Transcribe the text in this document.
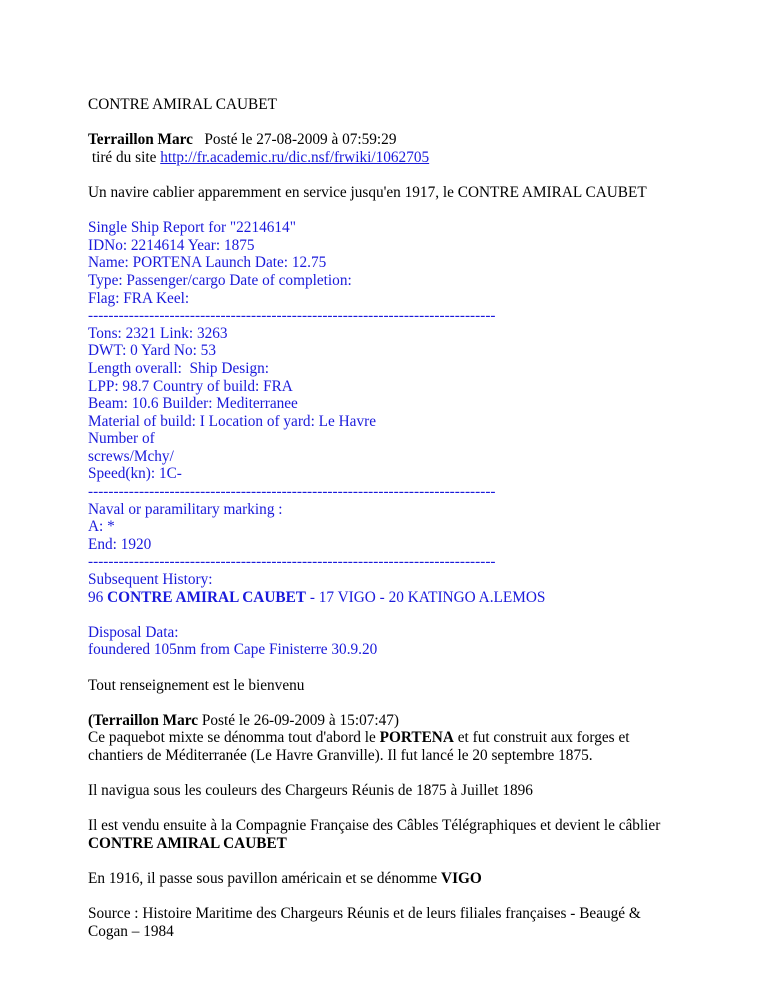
CONTRE AMIRAL CAUBET

Terraillon Marc Posté le 27-08-2009 à 07:59:29

tiré du site http://fr.academic.ru/dic.nsf/frwiki/1062705

Un navire cablier apparemment en service jusqu'en 1917, le CONTRE AMIRAL CAUBET

Single Ship Report for "2214614"

IDNo: 2214614 Year: 1875

Name: PORTENA Launch Date: 12.75

Type: Passenger/cargo Date of completion:

Flag: FRA Keel:

--------------------------------------------------------------------------------

Tons: 2321 Link: 3263

DWT: 0 Yard No: 53

Length overall:  Ship Design:

LPP: 98.7 Country of build: FRA

Beam: 10.6 Builder: Mediterranee

Material of build: I Location of yard: Le Havre

Number of

screws/Mchy/

Speed(kn): 1C-

--------------------------------------------------------------------------------

Naval or paramilitary marking :

A: *

End: 1920

--------------------------------------------------------------------------------

Subsequent History:

96 CONTRE AMIRAL CAUBET - 17 VIGO - 20 KATINGO A.LEMOS

Disposal Data:

foundered 105nm from Cape Finisterre 30.9.20

Tout renseignement est le bienvenu

(Terraillon Marc Posté le 26-09-2009 à 15:07:47)

Ce paquebot mixte se dénomma tout d'abord le PORTENA et fut construit aux forges et

chantiers de Méditerranée (Le Havre Granville). Il fut lancé le 20 septembre 1875.

Il navigua sous les couleurs des Chargeurs Réunis de 1875 à Juillet 1896

Il est vendu ensuite à la Compagnie Française des Câbles Télégraphiques et devient le câblier

CONTRE AMIRAL CAUBET

En 1916, il passe sous pavillon américain et se dénomme VIGO

Source : Histoire Maritime des Chargeurs Réunis et de leurs filiales françaises - Beaugé &

Cogan – 1984
